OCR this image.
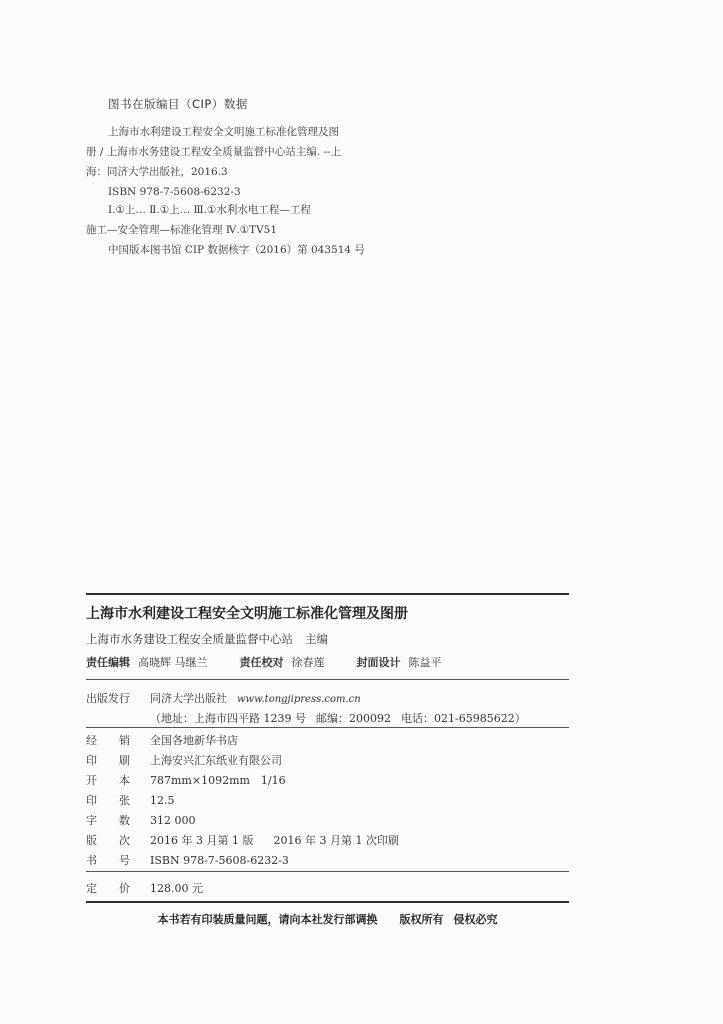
图书在版编目（CIP）数据

上海市水利建设工程安全文明施工标准化管理及图

册 / 上海市水务建设工程安全质量监督中心站主编. --上

海：同济大学出版社，2016.3

ISBN 978-7-5608-6232-3

Ⅰ.①上… Ⅱ.①上… Ⅲ.①水利水电工程—工程

施工—安全管理—标准化管理 Ⅳ.①TV51

中国版本图书馆 CIP 数据核字（2016）第 043514 号

上海市水利建设工程安全文明施工标准化管理及图册
上海市水务建设工程安全质量监督中心站 主编
责任编辑 高晓辉 马继兰	责任校对 徐春莲	封面设计 陈益平
出版发行 同济大学出版社 www.tongjipress.com.cn
（地址：上海市四平路 1239 号 邮编：200092 电话：021-65985622）
经　　销 全国各地新华书店
印　　刷 上海安兴汇东纸业有限公司
开　　本 787mm×1092mm　1/16
印　　张 12.5
字　　数 312 000
版　　次 2016 年 3 月第 1 版 2016 年 3 月第 1 次印刷
书　　号 ISBN 978-7-5608-6232-3
定　　价 128.00 元
本书若有印装质量问题，请向本社发行部调换 版权所有 侵权必究
